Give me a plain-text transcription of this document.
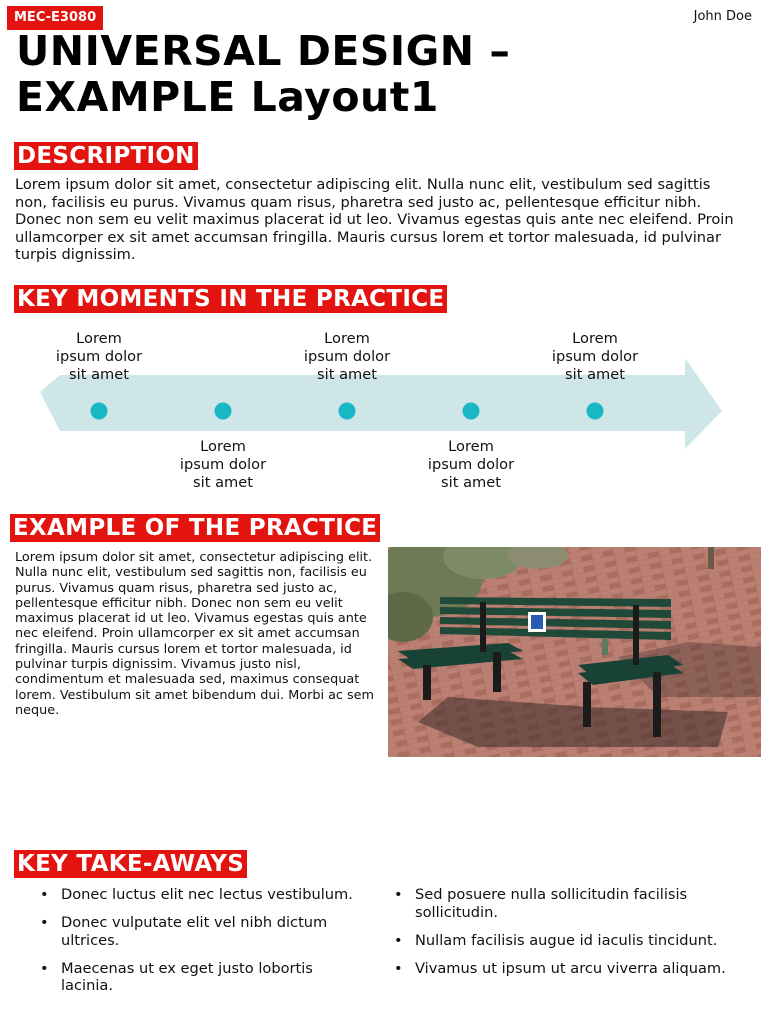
MEC-E3080	John Doe
UNIVERSAL DESIGN –
EXAMPLE Layout1
DESCRIPTION
Lorem ipsum dolor sit amet, consectetur adipiscing elit. Nulla nunc elit, vestibulum sed sagittis non, facilisis eu purus. Vivamus quam risus, pharetra sed justo ac, pellentesque efficitur nibh. Donec non sem eu velit maximus placerat id ut leo. Vivamus egestas quis ante nec eleifend. Proin ullamcorper ex sit amet accumsan fringilla. Mauris cursus lorem et tortor malesuada, id pulvinar turpis dignissim.
KEY MOMENTS IN THE PRACTICE
Lorem
ipsum dolor
sit amet
Lorem
ipsum dolor
sit amet
Lorem
ipsum dolor
sit amet
Lorem
ipsum dolor
sit amet
Lorem
ipsum dolor
sit amet
EXAMPLE OF THE PRACTICE
Lorem ipsum dolor sit amet, consectetur adipiscing elit. Nulla nunc elit, vestibulum sed sagittis non, facilisis eu purus. Vivamus quam risus, pharetra sed justo ac, pellentesque efficitur nibh. Donec non sem eu velit maximus placerat id ut leo. Vivamus egestas quis ante nec eleifend. Proin ullamcorper ex sit amet accumsan fringilla. Mauris cursus lorem et tortor malesuada, id pulvinar turpis dignissim. Vivamus justo nisl, condimentum et malesuada sed, maximus consequat lorem. Vestibulum sit amet bibendum dui. Morbi ac sem neque.
KEY TAKE-AWAYS
• Donec luctus elit nec lectus vestibulum.
• Donec vulputate elit vel nibh dictum ultrices.
• Maecenas ut ex eget justo lobortis lacinia.
• Sed posuere nulla sollicitudin facilisis sollicitudin.
• Nullam facilisis augue id iaculis tincidunt.
• Vivamus ut ipsum ut arcu viverra aliquam.
